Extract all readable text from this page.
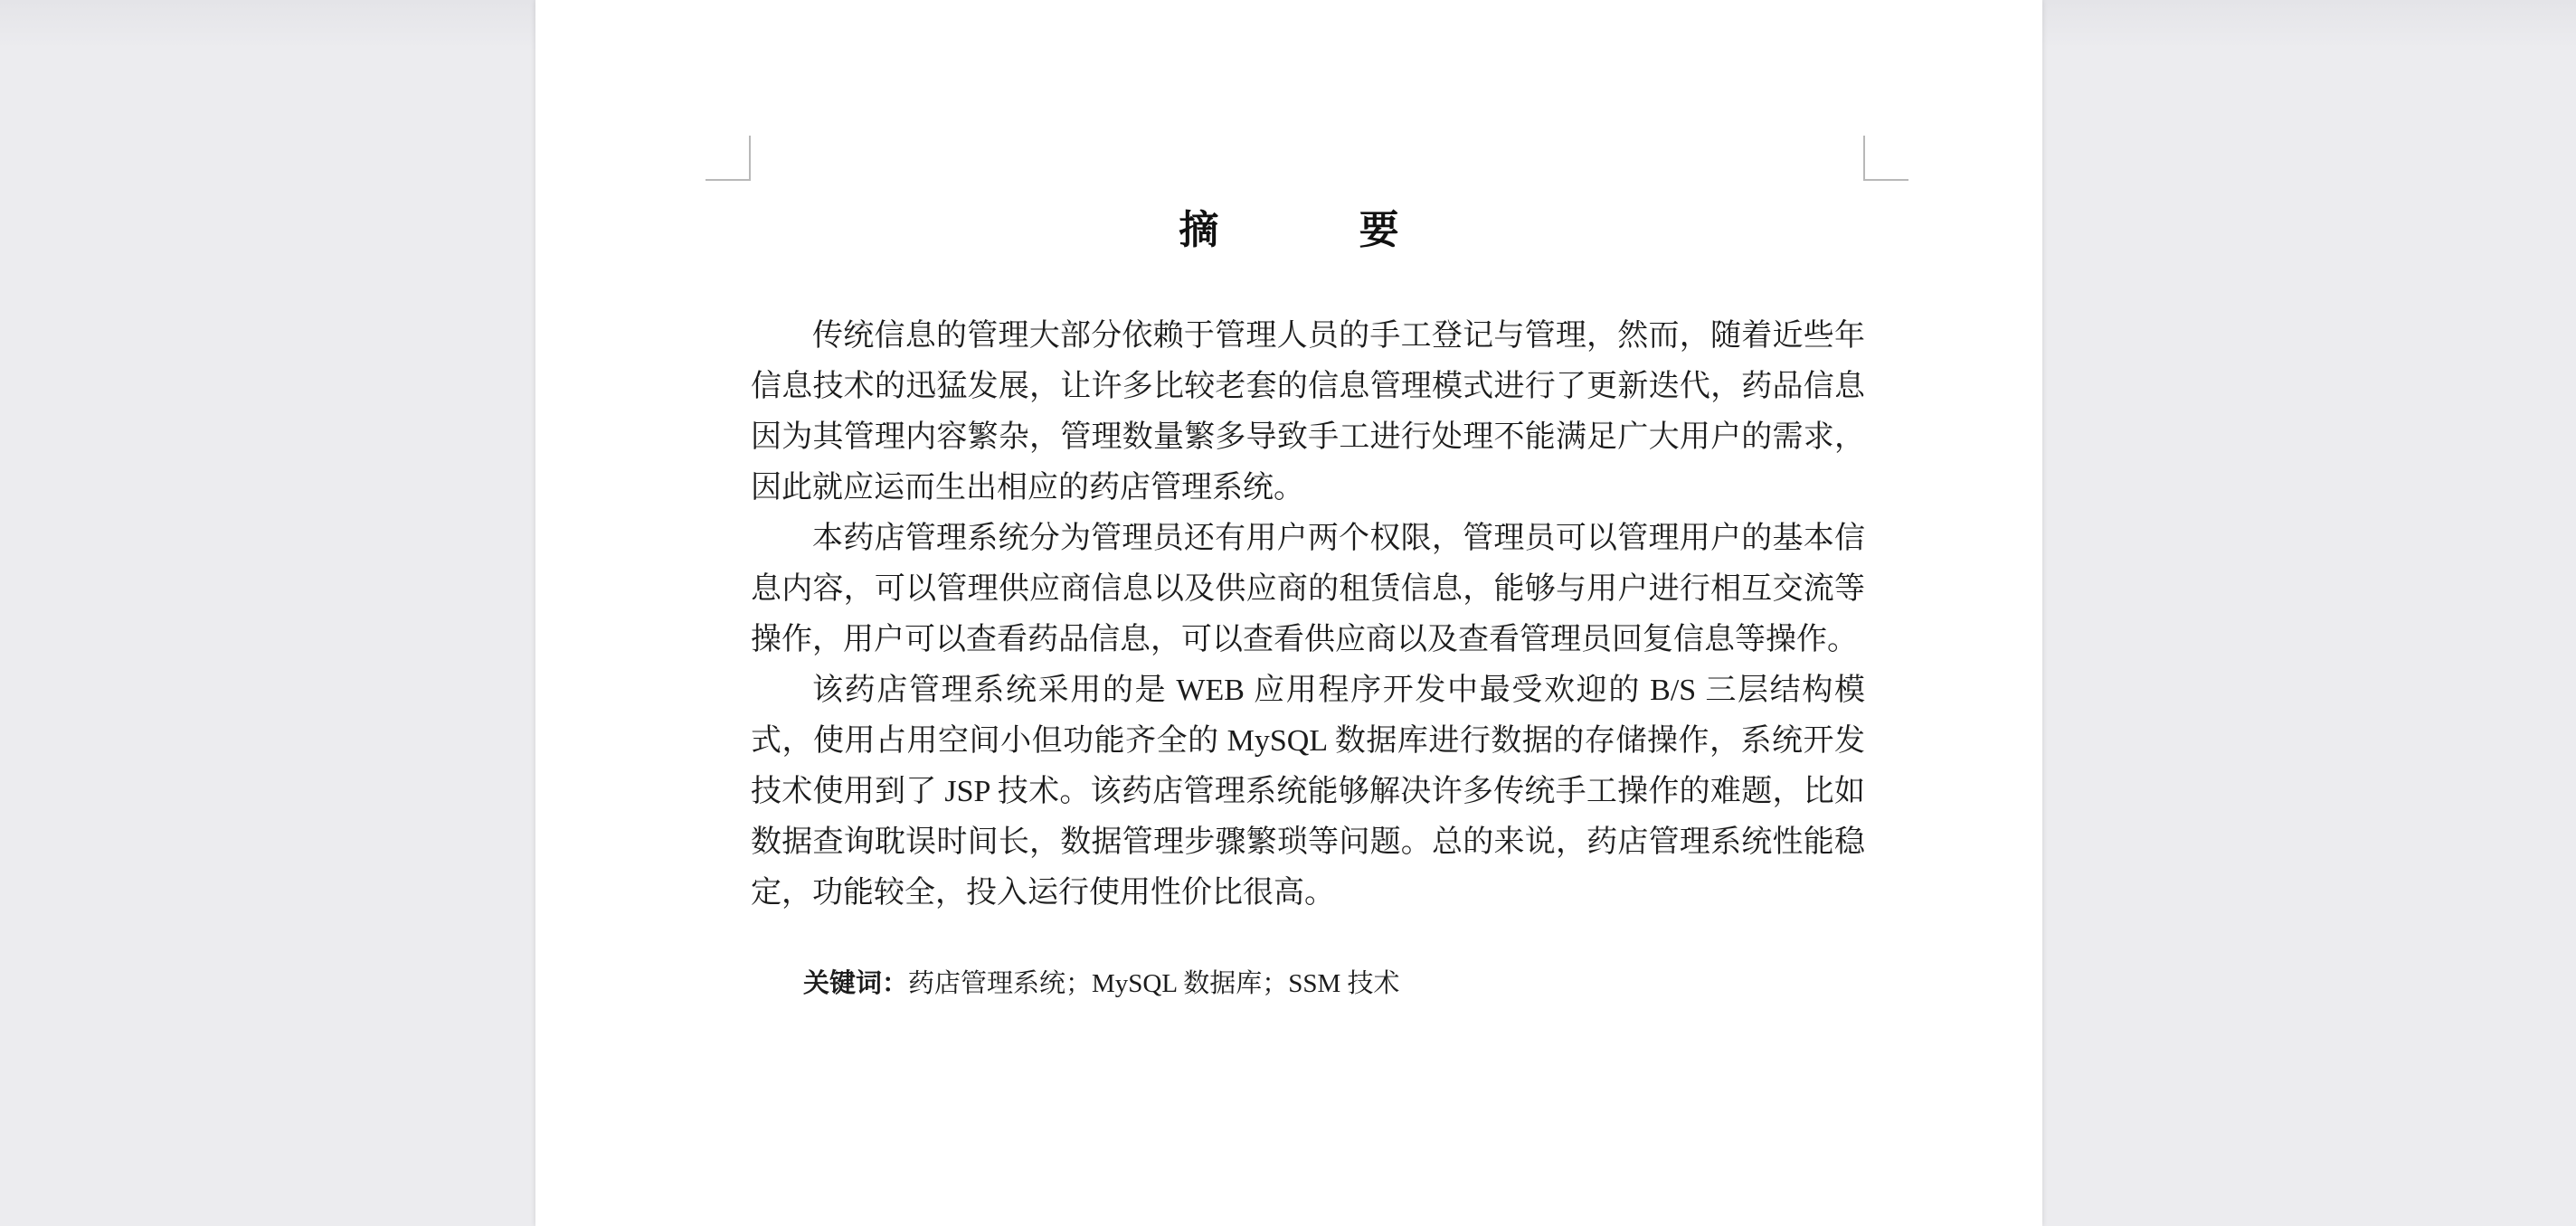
摘 要

传统信息的管理大部分依赖于管理人员的手工登记与管理，然而，随着近些年信息技术的迅猛发展，让许多比较老套的信息管理模式进行了更新迭代，药品信息因为其管理内容繁杂，管理数量繁多导致手工进行处理不能满足广大用户的需求，因此就应运而生出相应的药店管理系统。

本药店管理系统分为管理员还有用户两个权限，管理员可以管理用户的基本信息内容，可以管理供应商信息以及供应商的租赁信息，能够与用户进行相互交流等操作，用户可以查看药品信息，可以查看供应商以及查看管理员回复信息等操作。

该药店管理系统采用的是 WEB 应用程序开发中最受欢迎的 B/S 三层结构模式，使用占用空间小但功能齐全的 MySQL 数据库进行数据的存储操作，系统开发技术使用到了 JSP 技术。该药店管理系统能够解决许多传统手工操作的难题，比如数据查询耽误时间长，数据管理步骤繁琐等问题。总的来说，药店管理系统性能稳定，功能较全，投入运行使用性价比很高。

关键词：药店管理系统；MySQL 数据库；SSM 技术
